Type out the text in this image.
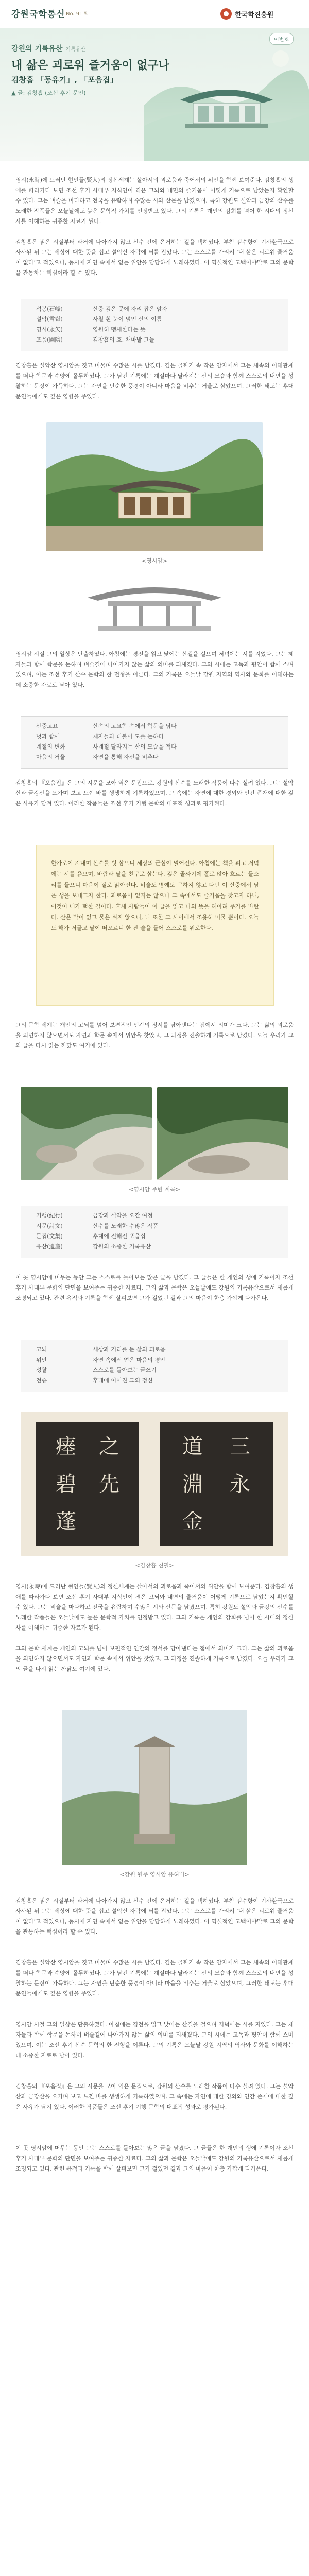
강원국학통신 No. 91호	한국학진흥원
강원의 기록유산 기록유산
내 삶은 괴로워 즐거움이 없구나
김창흡 「동유기」, 「포음집」
▲ 글: 김창흡 (조선 후기 문인)
이번호

영시(永時)에 드러난 현인들(賢人)의 정신세계는 살아서의 괴로움과 죽어서의 위안을 함께 보여준다. 김창흡의 생애를 따라가다 보면 조선 후기 사대부 지식인이 겪은 고뇌와 내면의 즐거움이 어떻게 기록으로 남았는지 확인할 수 있다. 그는 벼슬을 마다하고 전국을 유람하며 수많은 시와 산문을 남겼으며, 특히 강원도 설악과 금강의 산수를 노래한 작품들은 오늘날에도 높은 문학적 가치를 인정받고 있다. 그의 기록은 개인의 감회를 넘어 한 시대의 정신사를 이해하는 귀중한 자료가 된다.

김창흡은 젊은 시절부터 과거에 나아가지 않고 산수 간에 은거하는 길을 택하였다. 부친 김수항이 기사환국으로 사사된 뒤 그는 세상에 대한 뜻을 접고 설악산 자락에 터를 잡았다. 그는 스스로를 가리켜 ‘내 삶은 괴로워 즐거움이 없다’고 적었으나, 동시에 자연 속에서 얻는 위안을 담담하게 노래하였다. 이 역설적인 고백이야말로 그의 문학을 관통하는 핵심이라 할 수 있다.

석봉(石峰)	산중 깊은 곳에 자리 잡은 암자
설악(雪嶽)	사철 흰 눈이 덮인 산의 이름
영시(永矢)	영원히 맹세한다는 뜻
포음(圃陰)	김창흡의 호, 채마밭 그늘

김창흡은 설악산 영시암을 짓고 머물며 수많은 시를 남겼다. 깊은 골짜기 속 작은 암자에서 그는 세속의 이해관계를 떠나 학문과 수양에 몰두하였다. 그가 남긴 기록에는 계절마다 달라지는 산의 모습과 함께 스스로의 내면을 성찰하는 문장이 가득하다. 그는 자연을 단순한 풍경이 아니라 마음을 비추는 거울로 삼았으며, 그러한 태도는 후대 문인들에게도 깊은 영향을 주었다.

<영시암>

영시암 시절 그의 일상은 단출하였다. 아침에는 경전을 읽고 낮에는 산길을 걸으며 저녁에는 시를 지었다. 그는 제자들과 함께 학문을 논하며 벼슬길에 나아가지 않는 삶의 의미를 되새겼다. 그의 시에는 고독과 평안이 함께 스며 있으며, 이는 조선 후기 산수 문학의 한 전형을 이룬다. 그의 기록은 오늘날 강원 지역의 역사와 문화를 이해하는 데 소중한 자료로 남아 있다.

산중고요	산속의 고요함 속에서 학문을 닦다
벗과 함께	제자들과 더불어 도를 논하다
계절의 변화	사계절 달라지는 산의 모습을 적다
마음의 거울	자연을 통해 자신을 비추다

김창흡의 『포음집』은 그의 시문을 모아 엮은 문집으로, 강원의 산수를 노래한 작품이 다수 실려 있다. 그는 설악산과 금강산을 오가며 보고 느낀 바를 생생하게 기록하였으며, 그 속에는 자연에 대한 경외와 인간 존재에 대한 깊은 사유가 담겨 있다. 이러한 작품들은 조선 후기 기행 문학의 대표적 성과로 평가된다.

한가로이 지내며 산수를 벗 삼으니 세상의 근심이 멀어진다. 아침에는 책을 펴고 저녁에는 시를 읊으며, 바람과 달을 친구로 삼는다. 깊은 골짜기에 홀로 앉아 흐르는 물소리를 들으니 마음이 절로 맑아진다. 벼슬도 명예도 구하지 않고 다만 이 산중에서 남은 생을 보내고자 한다. 괴로움이 없지는 않으나 그 속에서도 즐거움을 찾고자 하니, 이것이 내가 택한 길이다. 후세 사람들이 이 글을 읽고 나의 뜻을 헤아려 주기를 바란다. 산은 말이 없고 물은 쉬지 않으니, 나 또한 그 사이에서 조용히 머물 뿐이다. 오늘도 해가 저물고 달이 떠오르니 한 잔 술을 들어 스스로를 위로한다.

그의 문학 세계는 개인의 고뇌를 넘어 보편적인 인간의 정서를 담아낸다는 점에서 의미가 크다. 그는 삶의 괴로움을 외면하지 않으면서도 자연과 학문 속에서 위안을 찾았고, 그 과정을 진솔하게 기록으로 남겼다. 오늘 우리가 그의 글을 다시 읽는 까닭도 여기에 있다.

<영시암 주변 계곡>
기행(紀行)	금강과 설악을 오간 여정
시문(詩文)	산수를 노래한 수많은 작품
문집(文集)	후대에 전해진 포음집
유산(遺産)	강원의 소중한 기록유산

이 곳 영시암에 머무는 동안 그는 스스로를 돌아보는 많은 글을 남겼다. 그 글들은 한 개인의 생애 기록이자 조선 후기 사대부 문화의 단면을 보여주는 귀중한 자료다. 그의 삶과 문학은 오늘날에도 강원의 기록유산으로서 새롭게 조명되고 있다. 관련 유적과 기록을 함께 살펴보면 그가 걸었던 길과 그의 마음이 한층 가깝게 다가온다.

고뇌	세상과 거리를 둔 삶의 괴로움
위안	자연 속에서 얻은 마음의 평안
성찰	스스로를 돌아보는 글쓰기
전승	후대에 이어진 그의 정신
瘗	之
碧	先
蓬
道	三
淵	永
金
<김창흡 친필>

영시(永時)에 드러난 현인들(賢人)의 정신세계는 살아서의 괴로움과 죽어서의 위안을 함께 보여준다. 김창흡의 생애를 따라가다 보면 조선 후기 사대부 지식인이 겪은 고뇌와 내면의 즐거움이 어떻게 기록으로 남았는지 확인할 수 있다. 그는 벼슬을 마다하고 전국을 유람하며 수많은 시와 산문을 남겼으며, 특히 강원도 설악과 금강의 산수를 노래한 작품들은 오늘날에도 높은 문학적 가치를 인정받고 있다. 그의 기록은 개인의 감회를 넘어 한 시대의 정신사를 이해하는 귀중한 자료가 된다.

그의 문학 세계는 개인의 고뇌를 넘어 보편적인 인간의 정서를 담아낸다는 점에서 의미가 크다. 그는 삶의 괴로움을 외면하지 않으면서도 자연과 학문 속에서 위안을 찾았고, 그 과정을 진솔하게 기록으로 남겼다. 오늘 우리가 그의 글을 다시 읽는 까닭도 여기에 있다.

<강원 원주 영시암 유허비>

김창흡은 젊은 시절부터 과거에 나아가지 않고 산수 간에 은거하는 길을 택하였다. 부친 김수항이 기사환국으로 사사된 뒤 그는 세상에 대한 뜻을 접고 설악산 자락에 터를 잡았다. 그는 스스로를 가리켜 ‘내 삶은 괴로워 즐거움이 없다’고 적었으나, 동시에 자연 속에서 얻는 위안을 담담하게 노래하였다. 이 역설적인 고백이야말로 그의 문학을 관통하는 핵심이라 할 수 있다.

김창흡은 설악산 영시암을 짓고 머물며 수많은 시를 남겼다. 깊은 골짜기 속 작은 암자에서 그는 세속의 이해관계를 떠나 학문과 수양에 몰두하였다. 그가 남긴 기록에는 계절마다 달라지는 산의 모습과 함께 스스로의 내면을 성찰하는 문장이 가득하다. 그는 자연을 단순한 풍경이 아니라 마음을 비추는 거울로 삼았으며, 그러한 태도는 후대 문인들에게도 깊은 영향을 주었다.

영시암 시절 그의 일상은 단출하였다. 아침에는 경전을 읽고 낮에는 산길을 걸으며 저녁에는 시를 지었다. 그는 제자들과 함께 학문을 논하며 벼슬길에 나아가지 않는 삶의 의미를 되새겼다. 그의 시에는 고독과 평안이 함께 스며 있으며, 이는 조선 후기 산수 문학의 한 전형을 이룬다. 그의 기록은 오늘날 강원 지역의 역사와 문화를 이해하는 데 소중한 자료로 남아 있다.

김창흡의 『포음집』은 그의 시문을 모아 엮은 문집으로, 강원의 산수를 노래한 작품이 다수 실려 있다. 그는 설악산과 금강산을 오가며 보고 느낀 바를 생생하게 기록하였으며, 그 속에는 자연에 대한 경외와 인간 존재에 대한 깊은 사유가 담겨 있다. 이러한 작품들은 조선 후기 기행 문학의 대표적 성과로 평가된다.

이 곳 영시암에 머무는 동안 그는 스스로를 돌아보는 많은 글을 남겼다. 그 글들은 한 개인의 생애 기록이자 조선 후기 사대부 문화의 단면을 보여주는 귀중한 자료다. 그의 삶과 문학은 오늘날에도 강원의 기록유산으로서 새롭게 조명되고 있다. 관련 유적과 기록을 함께 살펴보면 그가 걸었던 길과 그의 마음이 한층 가깝게 다가온다.
